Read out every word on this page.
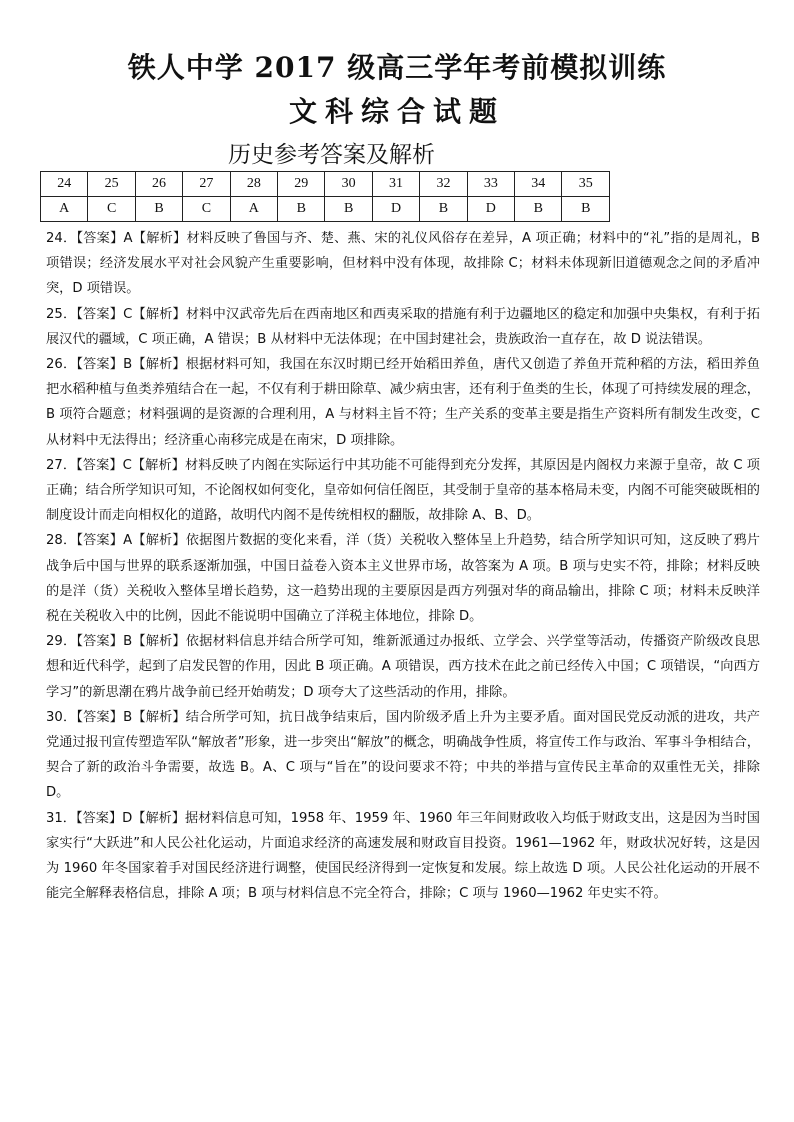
铁人中学 2017 级高三学年考前模拟训练
文科综合试题
历史参考答案及解析
24	25	26	27	28	29	30	31	32	33	34	35
A	C	B	C	A	B	B	D	B	D	B	B

24．【答案】A【解析】材料反映了鲁国与齐、楚、燕、宋的礼仪风俗存在差异，A 项正确；材料中的“礼”指的是周礼，B 项错误；经济发展水平对社会风貌产生重要影响，但材料中没有体现，故排除 C；材料未体现新旧道德观念之间的矛盾冲突，D 项错误。

25．【答案】C【解析】材料中汉武帝先后在西南地区和西夷采取的措施有利于边疆地区的稳定和加强中央集权，有利于拓展汉代的疆域，C 项正确，A 错误；B 从材料中无法体现；在中国封建社会，贵族政治一直存在，故 D 说法错误。

26．【答案】B【解析】根据材料可知，我国在东汉时期已经开始稻田养鱼，唐代又创造了养鱼开荒种稻的方法，稻田养鱼把水稻种植与鱼类养殖结合在一起，不仅有利于耕田除草、减少病虫害，还有利于鱼类的生长，体现了可持续发展的理念，B 项符合题意；材料强调的是资源的合理利用，A 与材料主旨不符；生产关系的变革主要是指生产资料所有制发生改变，C 从材料中无法得出；经济重心南移完成是在南宋，D 项排除。

27．【答案】C【解析】材料反映了内阁在实际运行中其功能不可能得到充分发挥，其原因是内阁权力来源于皇帝，故 C 项正确；结合所学知识可知，不论阁权如何变化，皇帝如何信任阁臣，其受制于皇帝的基本格局未变，内阁不可能突破既相的制度设计而走向相权化的道路，故明代内阁不是传统相权的翻版，故排除 A、B、D。

28．【答案】A【解析】依据图片数据的变化来看，洋（货）关税收入整体呈上升趋势，结合所学知识可知，这反映了鸦片战争后中国与世界的联系逐渐加强，中国日益卷入资本主义世界市场，故答案为 A 项。B 项与史实不符，排除；材料反映的是洋（货）关税收入整体呈增长趋势，这一趋势出现的主要原因是西方列强对华的商品输出，排除 C 项；材料未反映洋税在关税收入中的比例，因此不能说明中国确立了洋税主体地位，排除 D。

29．【答案】B【解析】依据材料信息并结合所学可知，维新派通过办报纸、立学会、兴学堂等活动，传播资产阶级改良思想和近代科学，起到了启发民智的作用，因此 B 项正确。A 项错误，西方技术在此之前已经传入中国；C 项错误，“向西方学习”的新思潮在鸦片战争前已经开始萌发；D 项夸大了这些活动的作用，排除。

30．【答案】B【解析】结合所学可知，抗日战争结束后，国内阶级矛盾上升为主要矛盾。面对国民党反动派的进攻，共产党通过报刊宣传塑造军队“解放者”形象，进一步突出“解放”的概念，明确战争性质，将宣传工作与政治、军事斗争相结合，契合了新的政治斗争需要，故选 B。A、C 项与“旨在”的设问要求不符；中共的举措与宣传民主革命的双重性无关，排除 D。

31．【答案】D【解析】据材料信息可知，1958 年、1959 年、1960 年三年间财政收入均低于财政支出，这是因为当时国家实行“大跃进”和人民公社化运动，片面追求经济的高速发展和财政盲目投资。1961—1962 年，财政状况好转，这是因为 1960 年冬国家着手对国民经济进行调整，使国民经济得到一定恢复和发展。综上故选 D 项。人民公社化运动的开展不能完全解释表格信息，排除 A 项；B 项与材料信息不完全符合，排除；C 项与 1960—1962 年史实不符。
